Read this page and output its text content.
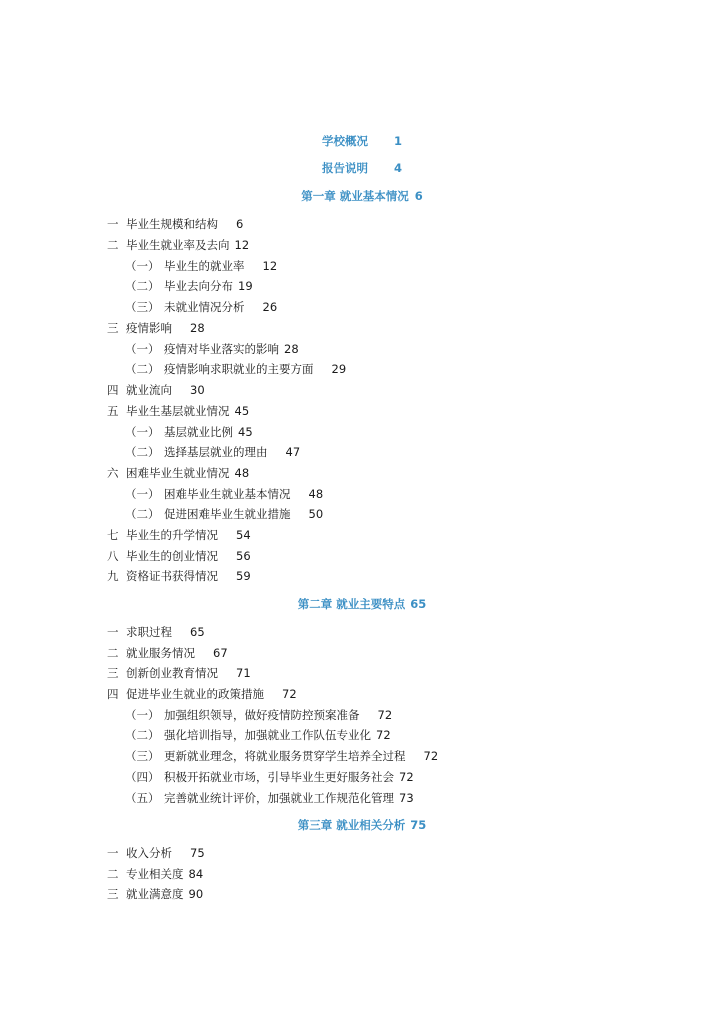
学校概况 1
报告说明 4
第一章 就业基本情况 6
一 毕业生规模和结构 6
二 毕业生就业率及去向 12
（一） 毕业生的就业率 12
（二） 毕业去向分布 19
（三） 未就业情况分析 26
三 疫情影响 28
（一） 疫情对毕业落实的影响 28
（二） 疫情影响求职就业的主要方面 29
四 就业流向 30
五 毕业生基层就业情况 45
（一） 基层就业比例 45
（二） 选择基层就业的理由 47
六 困难毕业生就业情况 48
（一） 困难毕业生就业基本情况 48
（二） 促进困难毕业生就业措施 50
七 毕业生的升学情况 54
八 毕业生的创业情况 56
九 资格证书获得情况 59
第二章 就业主要特点 65
一 求职过程 65
二 就业服务情况 67
三 创新创业教育情况 71
四 促进毕业生就业的政策措施 72
（一） 加强组织领导，做好疫情防控预案准备 72
（二） 强化培训指导，加强就业工作队伍专业化 72
（三） 更新就业理念，将就业服务贯穿学生培养全过程 72
（四） 积极开拓就业市场，引导毕业生更好服务社会 72
（五） 完善就业统计评价，加强就业工作规范化管理 73
第三章 就业相关分析 75
一 收入分析 75
二 专业相关度 84
三 就业满意度 90
